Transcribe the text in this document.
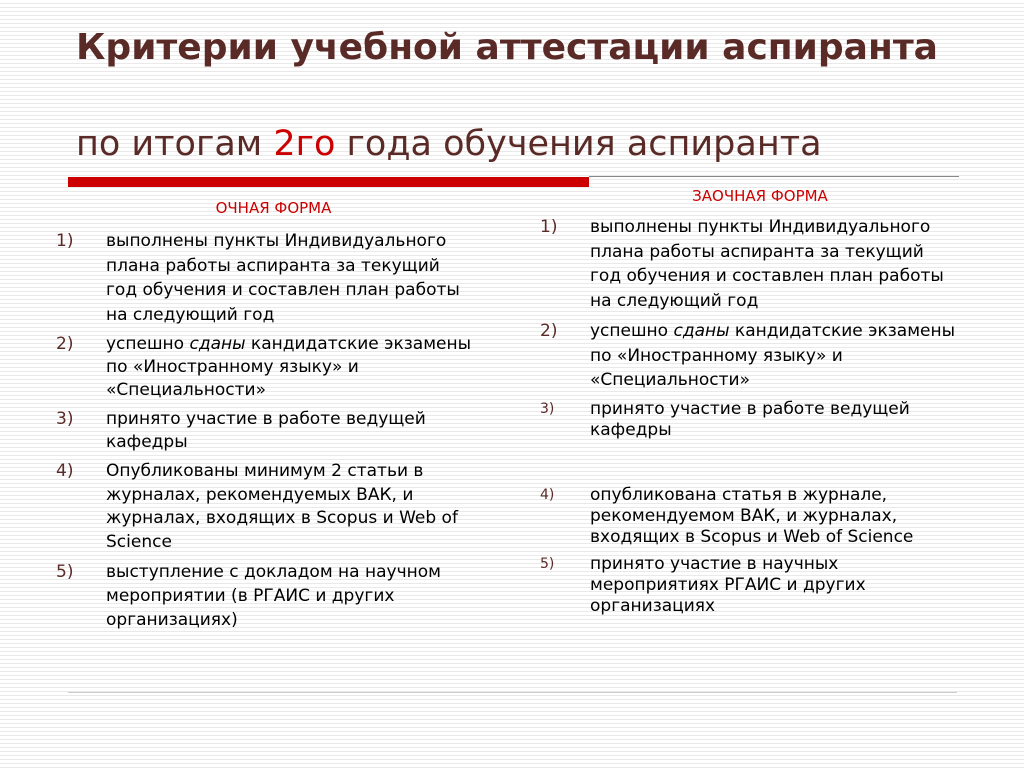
Критерии учебной аттестации аспиранта
по итогам 2го года обучения аспиранта
ОЧНАЯ ФОРМА
1)	выполнены пункты Индивидуального плана работы аспиранта за текущий год обучения и составлен план работы на следующий год
2)	успешно сданы кандидатские экзамены по «Иностранному языку» и «Специальности»
3)	принято участие в работе ведущей кафедры
4)	Опубликованы минимум 2 статьи в журналах, рекомендуемых ВАК, и журналах, входящих в Scopus и Web of Science
5)	выступление с докладом на научном мероприятии (в РГАИС и других организациях)
ЗАОЧНАЯ ФОРМА
1)	выполнены пункты Индивидуального плана работы аспиранта за текущий год обучения и составлен план работы на следующий год
2)	успешно сданы кандидатские экзамены по «Иностранному языку» и «Специальности»
3)	принято участие в работе ведущей кафедры
4)	опубликована статья в журнале, рекомендуемом ВАК, и журналах, входящих в Scopus и Web of Science
5)	принято участие в научных мероприятиях РГАИС и других организациях
